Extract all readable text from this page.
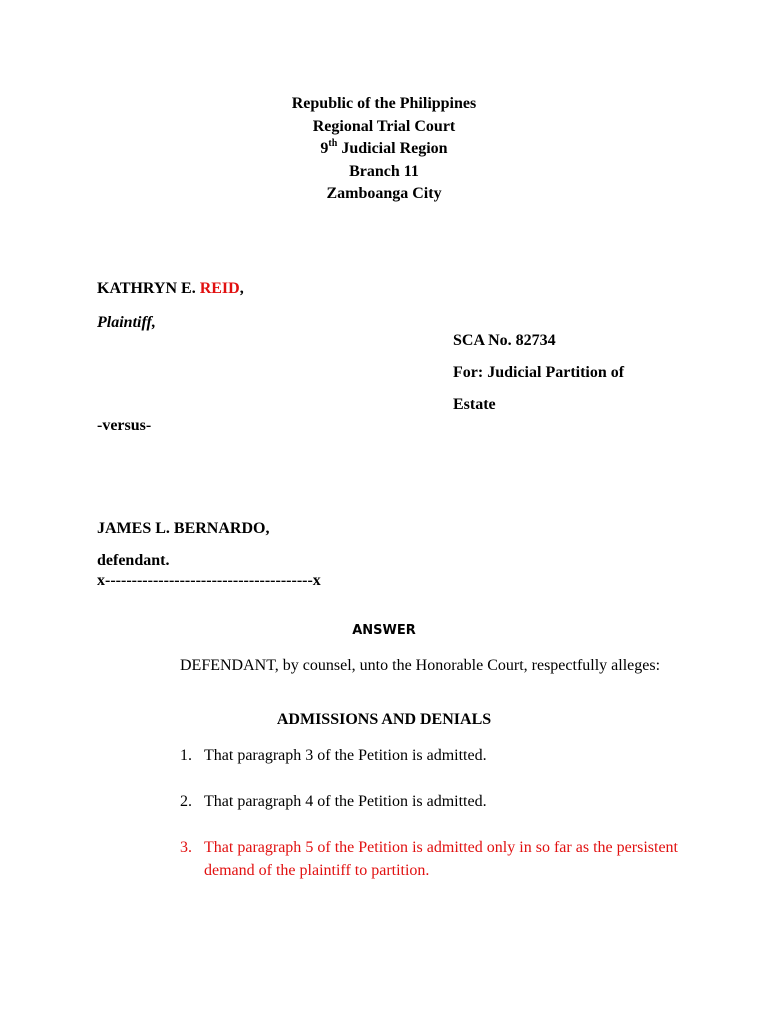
Republic of the Philippines
Regional Trial Court
9th Judicial Region
Branch 11
Zamboanga City
KATHRYN E. REID,
Plaintiff,
SCA No. 82734
For: Judicial Partition of
Estate
-versus-
JAMES L. BERNARDO,
defendant.
x---------------------------------------x
ANSWER
DEFENDANT, by counsel, unto the Honorable Court, respectfully alleges:
ADMISSIONS AND DENIALS
1. That paragraph 3 of the Petition is admitted.
2. That paragraph 4 of the Petition is admitted.
3. That paragraph 5 of the Petition is admitted only in so far as the persistent demand of the plaintiff to partition.
